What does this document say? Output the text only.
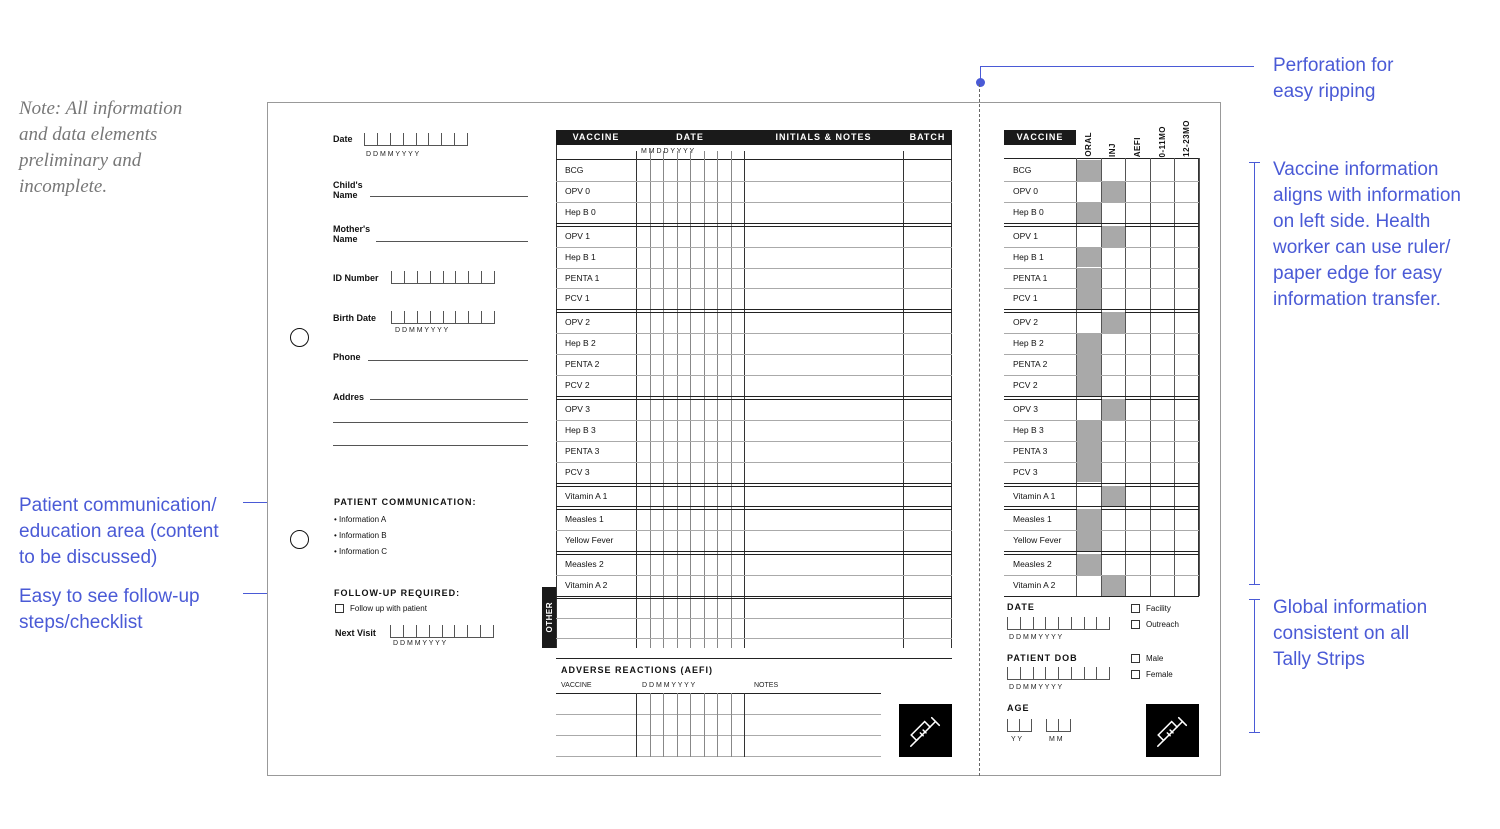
Note: All information
and data elements
preliminary and
incomplete.
Perforation for
easy ripping
Vaccine information
aligns with information
on left side. Health
worker can use ruler/
paper edge for easy
information transfer.
Global information
consistent on all
Tally Strips
Patient communication/
education area (content
to be discussed)
Easy to see follow-up
steps/checklist
Date
D D M M Y Y Y Y
Child's
Name
Mother's
Name
ID Number
Birth Date
D D M M Y Y Y Y
Phone
Addres
PATIENT COMMUNICATION:
• Information A
• Information B
• Information C
FOLLOW-UP REQUIRED:
Follow up with patient
Next Visit
D D M M Y Y Y Y
VACCINE	DATE	INITIALS & NOTES	BATCH
M M D D Y Y Y Y
BCG
OPV 0
Hep B 0
OPV 1
Hep B 1
PENTA 1
PCV 1
OPV 2
Hep B 2
PENTA 2
PCV 2
OPV 3
Hep B 3
PENTA 3
PCV 3
Vitamin A 1
Measles 1
Yellow Fever
Measles 2
Vitamin A 2
OTHER
ADVERSE REACTIONS (AEFI)
VACCINE	D D M M Y Y Y Y	NOTES
VACCINE	ORAL INJ AEFI 0-11MO 12-23MO
BCG
OPV 0
Hep B 0
OPV 1
Hep B 1
PENTA 1
PCV 1
OPV 2
Hep B 2
PENTA 2
PCV 2
OPV 3
Hep B 3
PENTA 3
PCV 3
Vitamin A 1
Measles 1
Yellow Fever
Measles 2
Vitamin A 2
DATE
D D M M Y Y Y Y
PATIENT DOB
D D M M Y Y Y Y
AGE
Y Y	M M
Facility
Outreach
Male
Female
